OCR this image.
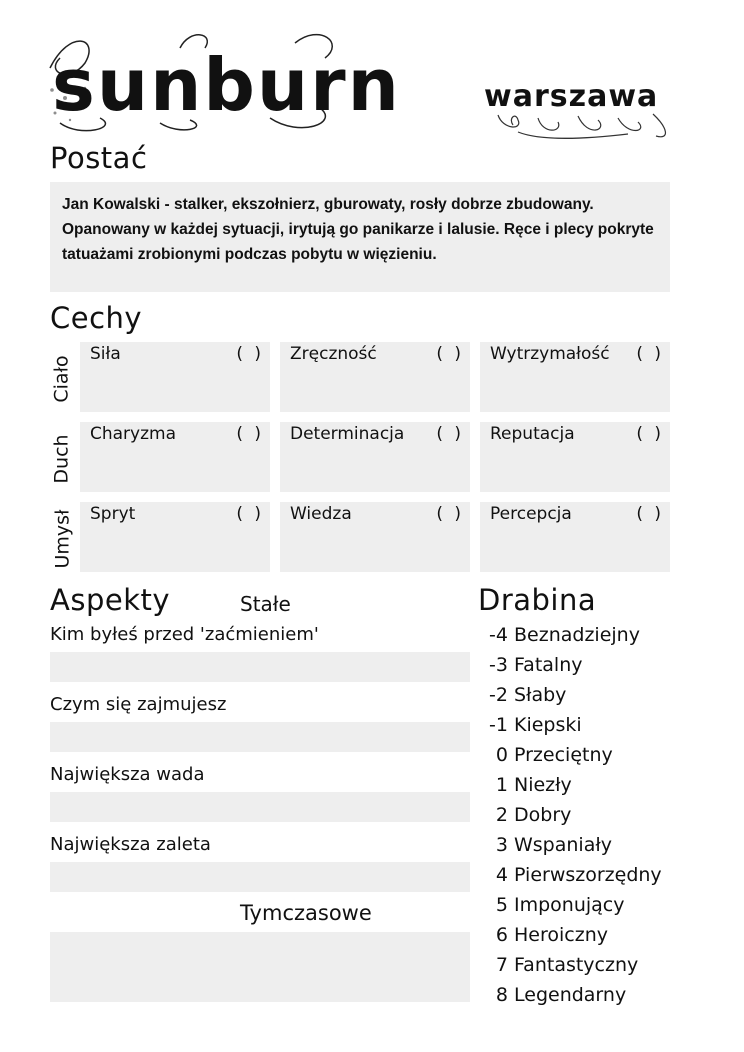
sunburn	warszawa
Postać
Jan Kowalski - stalker, ekszołnierz, gburowaty, rosły dobrze zbudowany. Opanowany w każdej sytuacji, irytują go panikarze i lalusie. Ręce i plecy pokryte tatuażami zrobionymi podczas pobytu w więzieniu.
Cechy
Ciało
Duch
Umysł
Siła	( ) Zręczność	( ) Wytrzymałość ( )
Charyzma	( ) Determinacja ( ) Reputacja	( )
Spryt	( ) Wiedza	( ) Percepcja	( )
Aspekty	Stałe
Kim byłeś przed 'zaćmieniem'
Czym się zajmujesz
Największa wada
Największa zaleta
Tymczasowe
Drabina
-4 Beznadziejny
-3 Fatalny
-2 Słaby
-1 Kiepski
0 Przeciętny
1 Niezły
2 Dobry
3 Wspaniały
4 Pierwszorzędny
5 Imponujący
6 Heroiczny
7 Fantastyczny
8 Legendarny
